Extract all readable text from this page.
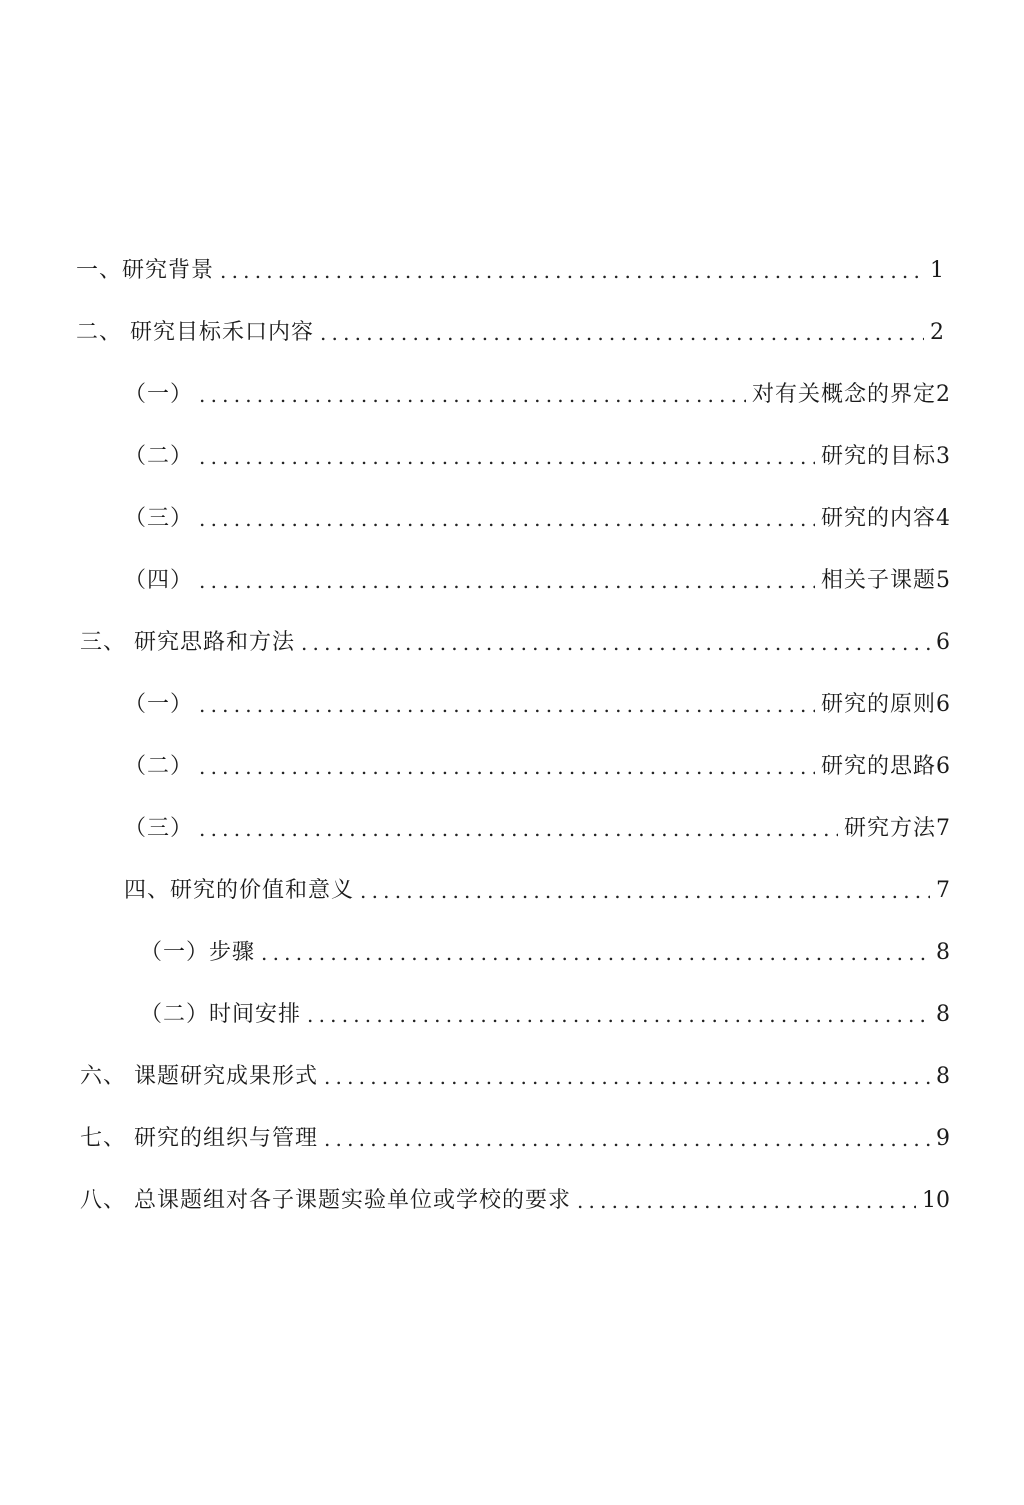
一、研究背景 .....	1
二、 研究目标禾口内容 .....	2
（一） .....	对有关概念的界定 2
（二） .....	研究的目标 3
（三） .....	研究的内容 4
（四） .....	相关子课题 5
三、 研究思路和方法 .....	6
（一） .....	研究的原则 6
（二） .....	研究的思路 6
（三） .....	研究方法 7
四、研究的价值和意义 .....	7
（一）步骤 .....	8
（二）时间安排 .....	8
六、 课题研究成果形式 .....	8
七、 研究的组织与管理 .....	9
八、 总课题组对各子课题实验单位或学校的要求 .....	10
